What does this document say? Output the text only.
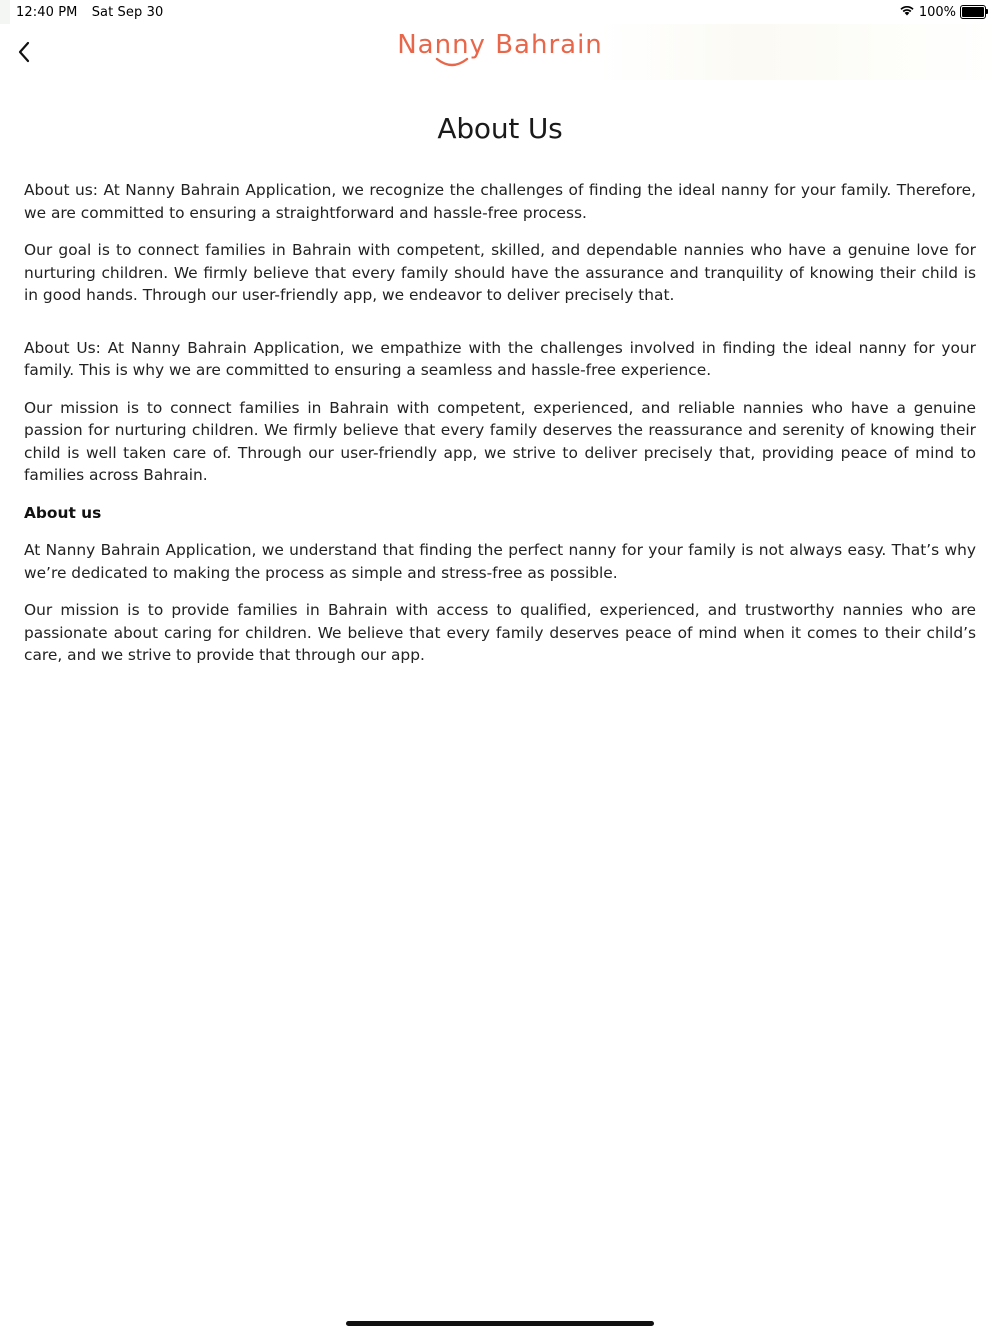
12:40 PM Sat Sep 30	100%
Nanny Bahrain
About Us

About us: At Nanny Bahrain Application, we recognize the challenges of finding the ideal nanny for your family. Therefore, we are committed to ensuring a straightforward and hassle-free process.

Our goal is to connect families in Bahrain with competent, skilled, and dependable nannies who have a genuine love for nurturing children. We firmly believe that every family should have the assurance and tranquility of knowing their child is in good hands. Through our user-friendly app, we endeavor to deliver precisely that.

About Us: At Nanny Bahrain Application, we empathize with the challenges involved in finding the ideal nanny for your family. This is why we are committed to ensuring a seamless and hassle-free experience.

Our mission is to connect families in Bahrain with competent, experienced, and reliable nannies who have a genuine passion for nurturing children. We firmly believe that every family deserves the reassurance and serenity of knowing their child is well taken care of. Through our user-friendly app, we strive to deliver precisely that, providing peace of mind to families across Bahrain.

About us

At Nanny Bahrain Application, we understand that finding the perfect nanny for your family is not always easy. That’s why we’re dedicated to making the process as simple and stress-free as possible.

Our mission is to provide families in Bahrain with access to qualified, experienced, and trustworthy nannies who are passionate about caring for children. We believe that every family deserves peace of mind when it comes to their child’s care, and we strive to provide that through our app.
